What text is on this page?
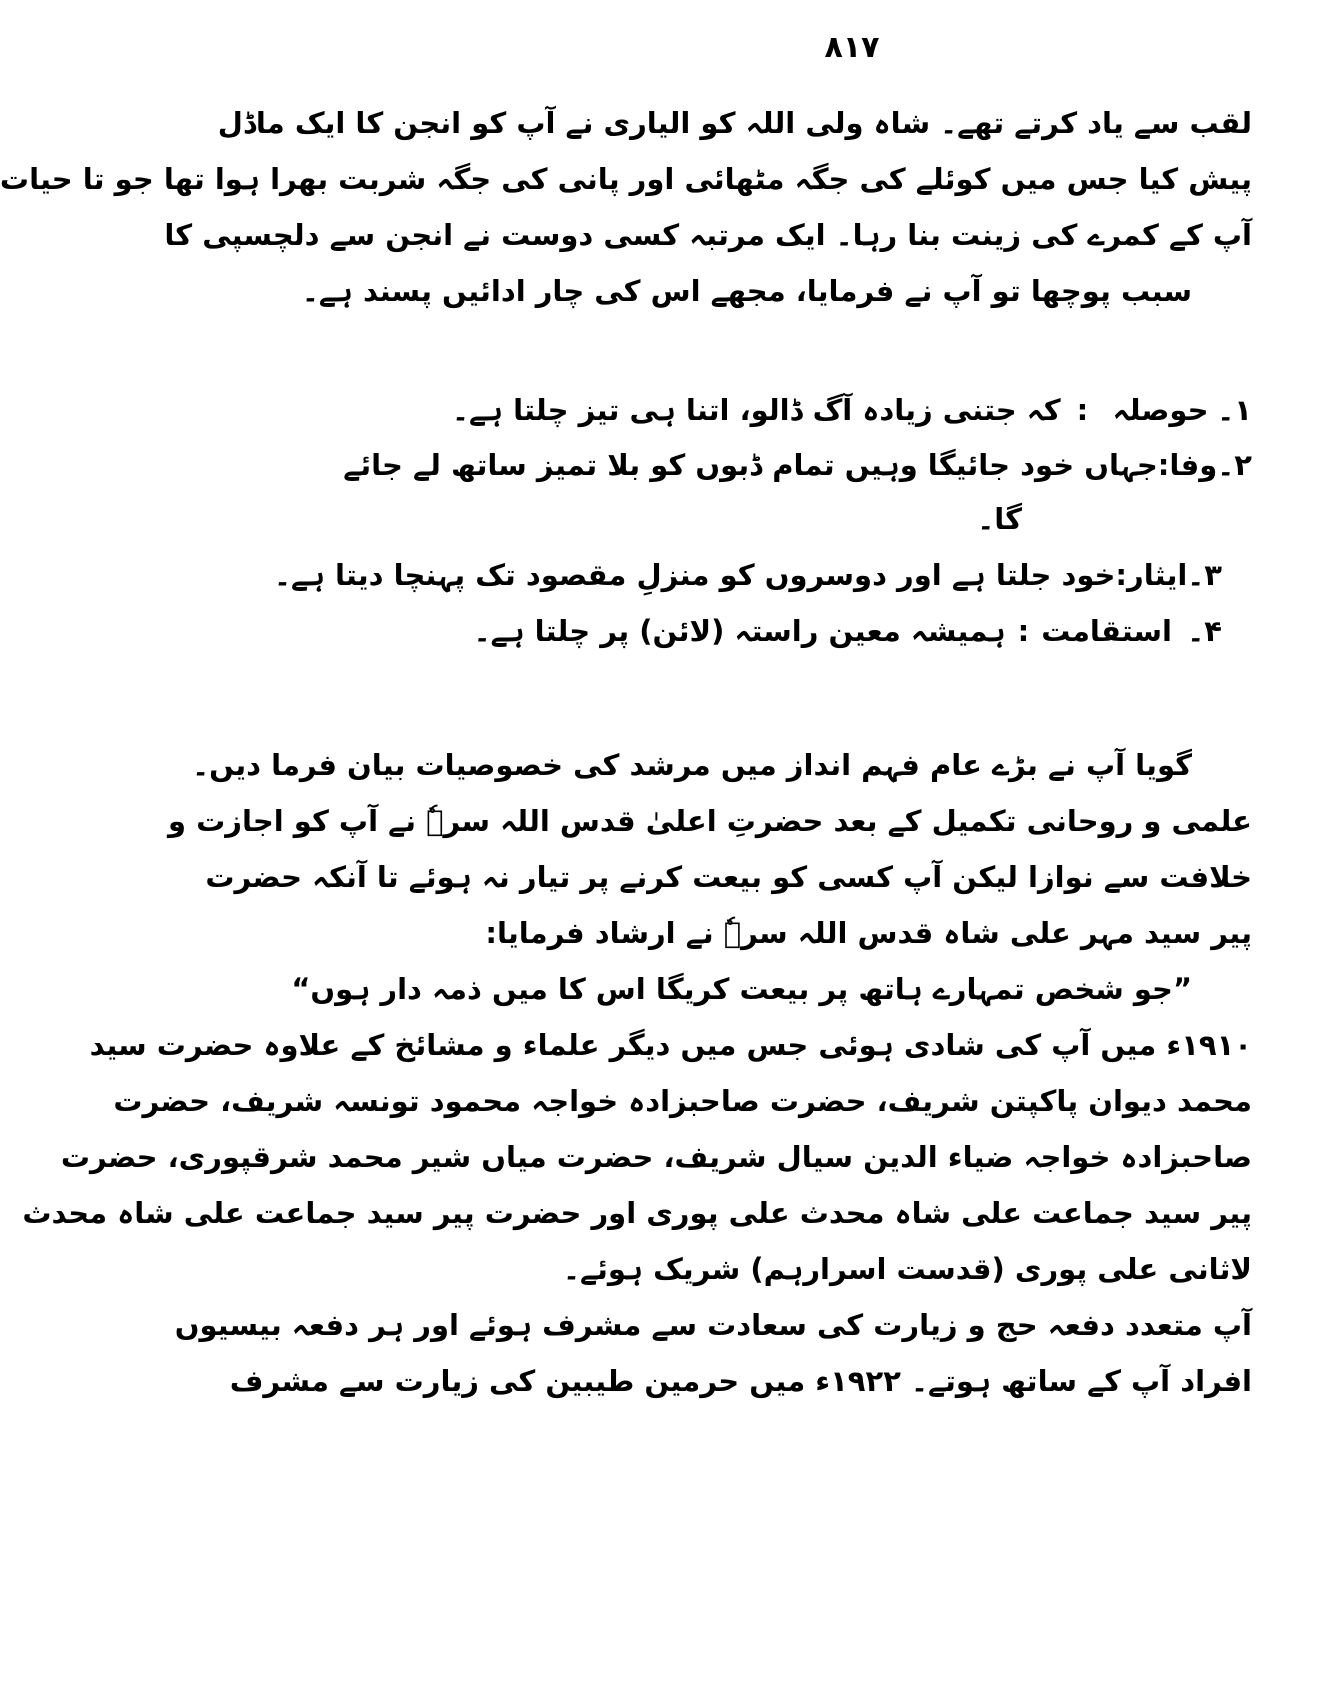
۸۱۷
لقب سے یاد کرتے تھے۔ شاہ ولی اللہ کو الیاری نے آپ کو انجن کا ایک ماڈل
پیش کیا جس میں کوئلے کی جگہ مٹھائی اور پانی کی جگہ شربت بھرا ہوا تھا جو تا حیات
آپ کے کمرے کی زینت بنا رہا۔ ایک مرتبہ کسی دوست نے انجن سے دلچسپی کا
سبب پوچھا تو آپ نے فرمایا، مجھے اس کی چار ادائیں پسند ہے۔
۱۔
حوصلہ
:
کہ جتنی زیادہ آگ ڈالو، اتنا ہی تیز چلتا ہے۔
۲۔
وفا
:
جہاں خود جائیگا وہیں تمام ڈبوں کو بلا تمیز ساتھ لے جائے
گا۔
۳۔
ایثار
:
خود جلتا ہے اور دوسروں کو منزلِ مقصود تک پہنچا دیتا ہے۔
۴۔
استقامت
:
ہمیشہ معین راستہ (لائن) پر چلتا ہے۔
گویا آپ نے بڑے عام فہم انداز میں مرشد کی خصوصیات بیان فرما دیں۔
علمی و روحانی تکمیل کے بعد حضرتِ اعلیٰ قدس اللہ سرہٗ نے آپ کو اجازت و
خلافت سے نوازا لیکن آپ کسی کو بیعت کرنے پر تیار نہ ہوئے تا آنکہ حضرت
پیر سید مہر علی شاہ قدس اللہ سرہٗ نے ارشاد فرمایا:
”جو شخص تمہارے ہاتھ پر بیعت کریگا اس کا میں ذمہ دار ہوں“
۱۹۱۰ء میں آپ کی شادی ہوئی جس میں دیگر علماء و مشائخ کے علاوہ حضرت سید
محمد دیوان پاکپتن شریف، حضرت صاحبزادہ خواجہ محمود تونسہ شریف، حضرت
صاحبزادہ خواجہ ضیاء الدین سیال شریف، حضرت میاں شیر محمد شرقپوری، حضرت
پیر سید جماعت علی شاہ محدث علی پوری اور حضرت پیر سید جماعت علی شاہ محدث
لاثانی علی پوری (قدست اسرارہم) شریک ہوئے۔
آپ متعدد دفعہ حج و زیارت کی سعادت سے مشرف ہوئے اور ہر دفعہ بیسیوں
افراد آپ کے ساتھ ہوتے۔ ۱۹۲۲ء میں حرمین طیبین کی زیارت سے مشرف
